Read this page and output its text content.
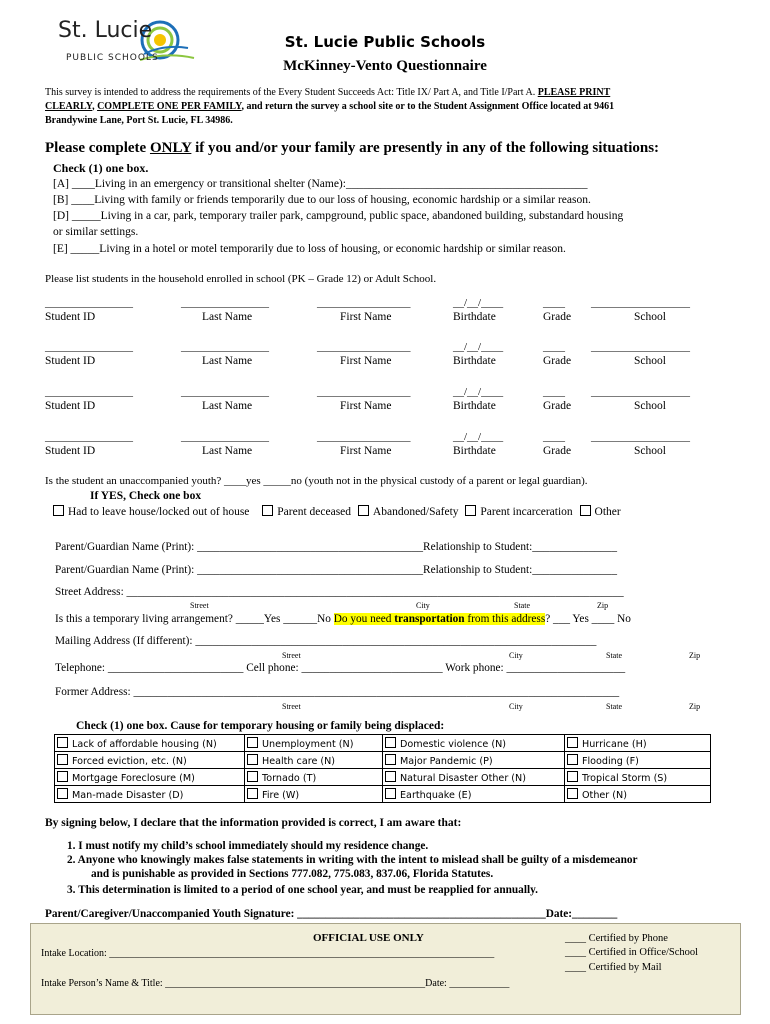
St. Lucie
PUBLIC SCHOOLS
St. Lucie Public Schools
McKinney-Vento Questionnaire
This survey is intended to address the requirements of the Every Student Succeeds Act: Title IX/ Part A, and Title I/Part A. PLEASE PRINT
CLEARLY, COMPLETE ONE PER FAMILY, and return the survey a school site or to the Student Assignment Office located at 9461
Brandywine Lane, Port St. Lucie, FL 34986.
Please complete ONLY if you and/or your family are presently in any of the following situations:
Check (1) one box.
[A] ____Living in an emergency or transitional shelter (Name):__________________________________________
[B] ____Living with family or friends temporarily due to our loss of housing, economic hardship or a similar reason.
[D] _____Living in a car, park, temporary trailer park, campground, public space, abandoned building, substandard housing
or similar settings.
[E] _____Living in a hotel or motel temporarily due to loss of housing, or economic hardship or similar reason.
Please list students in the household enrolled in school (PK – Grade 12) or Adult School.
________________	________________	_________________	__/__/____	____ __________________
Student ID	Last Name	First Name	Birthdate	Grade	School
________________	________________	_________________	__/__/____	____ __________________
Student ID	Last Name	First Name	Birthdate	Grade	School
________________	________________	_________________	__/__/____	____ __________________
Student ID	Last Name	First Name	Birthdate	Grade	School
________________	________________	_________________	__/__/____	____ __________________
Student ID	Last Name	First Name	Birthdate	Grade	School
Is the student an unaccompanied youth? ____yes _____no (youth not in the physical custody of a parent or legal guardian).
If YES, Check one box
Had to leave house/locked out of house Parent deceased Abandoned/Safety Parent incarceration Other
Parent/Guardian Name (Print): ________________________________________Relationship to Student:_______________
Parent/Guardian Name (Print): ________________________________________Relationship to Student:_______________
Street Address: ________________________________________________________________________________________
Street	City	State	Zip
Is this a temporary living arrangement? _____Yes ______No Do you need transportation from this address? ___ Yes ____ No
Mailing Address (If different): _______________________________________________________________________
Street	City	State	Zip
Telephone: ________________________ Cell phone: _________________________ Work phone: _____________________
Former Address: ______________________________________________________________________________________
Street	City	State	Zip
Check (1) one box. Cause for temporary housing or family being displaced:
Lack of affordable housing (N)	Unemployment (N)	Domestic violence (N)	Hurricane (H)
Forced eviction, etc. (N)	Health care (N)	Major Pandemic (P)	Flooding (F)
Mortgage Foreclosure (M)	Tornado (T)	Natural Disaster Other (N)	Tropical Storm (S)
Man-made Disaster (D)	Fire (W)	Earthquake (E)	Other (N)
By signing below, I declare that the information provided is correct, I am aware that:
1. I must notify my child’s school immediately should my residence change.
2. Anyone who knowingly makes false statements in writing with the intent to mislead shall be guilty of a misdemeanor
and is punishable as provided in Sections 777.082, 775.083, 837.06, Florida Statutes.
3. This determination is limited to a period of one school year, and must be reapplied for annually.
Parent/Caregiver/Unaccompanied Youth Signature: ____________________________________________Date:________
OFFICIAL USE ONLY
Intake Location: _____________________________________________________________________________
Intake Person’s Name & Title: ____________________________________________________Date: ____________
____ Certified by Phone
____ Certified in Office/School
____ Certified by Mail
